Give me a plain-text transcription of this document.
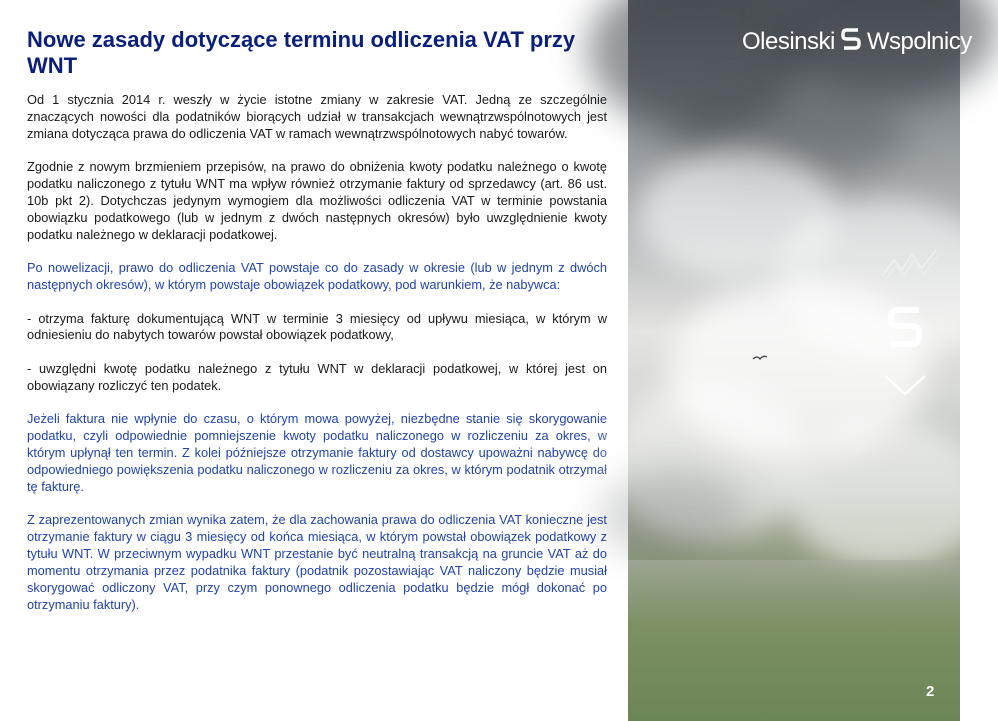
Nowe zasady dotyczące terminu odliczenia VAT przy WNT

Od 1 stycznia 2014 r. weszły w życie istotne zmiany w zakresie VAT. Jedną ze szczególnie znaczących nowości dla podatników biorących udział w transakcjach wewnątrzwspólnotowych jest zmiana dotycząca prawa do odliczenia VAT w ramach wewnątrzwspólnotowych nabyć towarów.

Zgodnie z nowym brzmieniem przepisów, na prawo do obniżenia kwoty podatku należnego o kwotę podatku naliczonego z tytułu WNT ma wpływ również otrzymanie faktury od sprzedawcy (art. 86 ust. 10b pkt 2). Dotychczas jedynym wymogiem dla możliwości odliczenia VAT w terminie powstania obowiązku podatkowego (lub w jednym z dwóch następnych okresów) było uwzględnienie kwoty podatku należnego w deklaracji podatkowej.

Po nowelizacji, prawo do odliczenia VAT powstaje co do zasady w okresie (lub w jednym z dwóch następnych okresów), w którym powstaje obowiązek podatkowy, pod warunkiem, że nabywca:

- otrzyma fakturę dokumentującą WNT w terminie 3 miesięcy od upływu miesiąca, w którym w odniesieniu do nabytych towarów powstał obowiązek podatkowy,

- uwzględni kwotę podatku należnego z tytułu WNT w deklaracji podatkowej, w której jest on obowiązany rozliczyć ten podatek.

Jeżeli faktura nie wpłynie do czasu, o którym mowa powyżej, niezbędne stanie się skorygowanie podatku, czyli odpowiednie pomniejszenie kwoty podatku naliczonego w rozliczeniu za okres, w którym upłynął ten termin. Z kolei późniejsze otrzymanie faktury od dostawcy upoważni nabywcę do odpowiedniego powiększenia podatku naliczonego w rozliczeniu za okres, w którym podatnik otrzymał tę fakturę.

Z zaprezentowanych zmian wynika zatem, że dla zachowania prawa do odliczenia VAT konieczne jest otrzymanie faktury w ciągu 3 miesięcy od końca miesiąca, w którym powstał obowiązek podatkowy z tytułu WNT. W przeciwnym wypadku WNT przestanie być neutralną transakcją na gruncie VAT aż do momentu otrzymania przez podatnika faktury (podatnik pozostawiając VAT naliczony będzie musiał skorygować odliczony VAT, przy czym ponownego odliczenia podatku będzie mógł dokonać po otrzymaniu faktury).

Olesinski Wspolnicy
2
